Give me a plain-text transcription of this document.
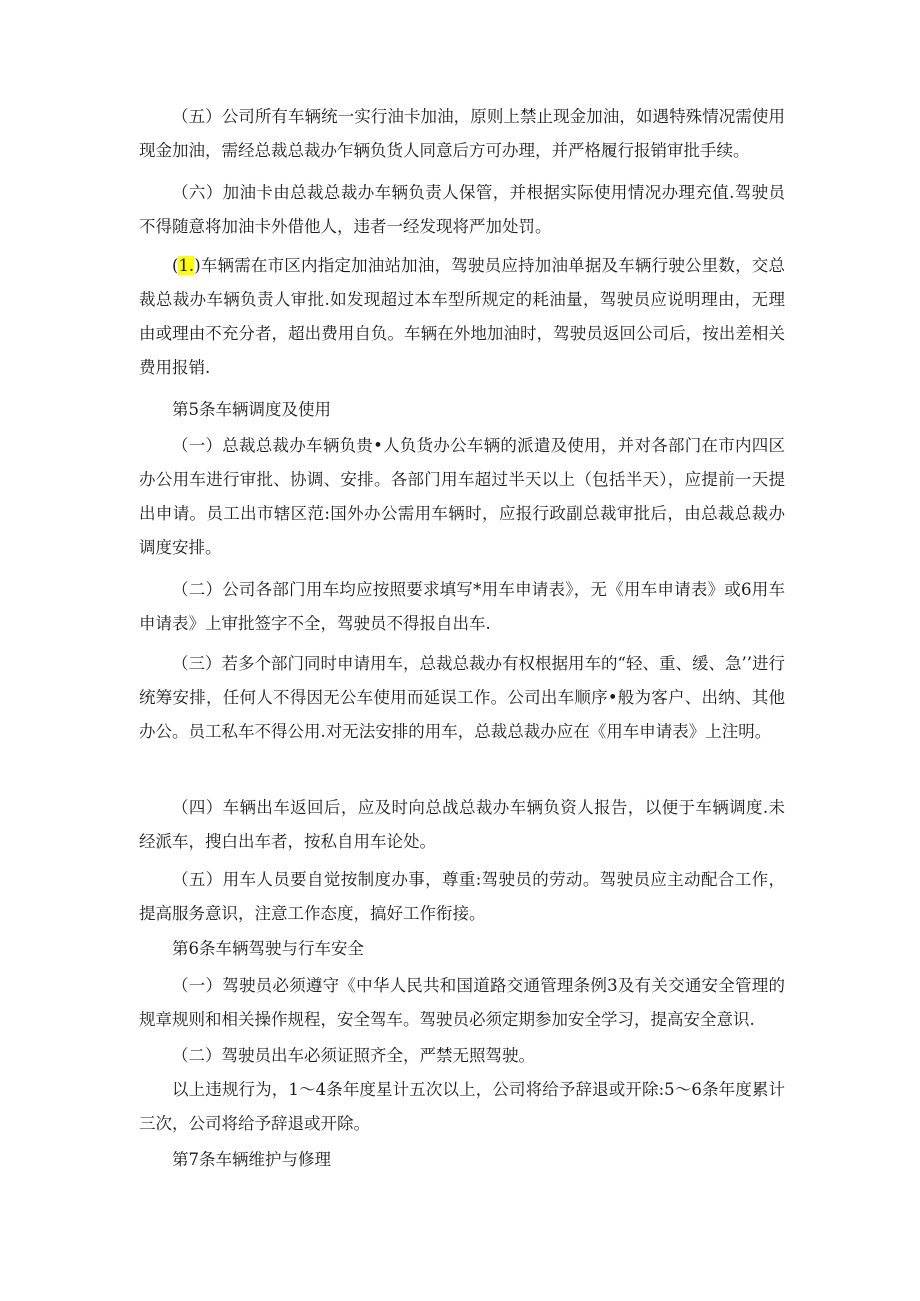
（五）公司所有车辆统一实行油卡加油，原则上禁止现金加油，如遇特殊情况需使用现金加油，需经总裁总裁办乍辆负货人同意后方可办理，并严格履行报销审批手续。

（六）加油卡由总裁总裁办车辆负责人保管，并根据实际使用情况办理充值.驾驶员不得随意将加油卡外借他人，违者一经发现将严加处罚。

(1.)车辆需在市区内指定加油站加油，驾驶员应持加油单据及车辆行驶公里数，交总裁总裁办车辆负责人审批.如发现超过本车型所规定的耗油量，驾驶员应说明理由，无理由或理由不充分者，超出费用自负。车辆在外地加油时，驾驶员返回公司后，按出差相关费用报销.

第5条车辆调度及使用

（一）总裁总裁办车辆负贵•人负货办公车辆的派遣及使用，并对各部门在市内四区办公用车进行审批、协调、安排。各部门用车超过半天以上（包括半天），应提前一天提出申请。员工出市辖区范:国外办公需用车辆时，应报行政副总裁审批后，由总裁总裁办调度安排。

（二）公司各部门用车均应按照要求填写*用车申请表》，无《用车申请表》或6用车申请表》上审批签字不全，驾驶员不得报自出车.

（三）若多个部门同时申请用车，总裁总裁办有权根据用车的“轻、重、缓、急’’进行统筹安排，任何人不得因无公车使用而延误工作。公司出车顺序•般为客户、出纳、其他办公。员工私车不得公用.对无法安排的用车，总裁总裁办应在《用车申请表》上注明。

（四）车辆出车返回后，应及时向总战总裁办车辆负资人报告，以便于车辆调度.未经派车，搜白出车者，按私自用车论处。

（五）用车人员要自觉按制度办事，尊重:驾驶员的劳动。驾驶员应主动配合工作，提高服务意识，注意工作态度，搞好工作衔接。

第6条车辆驾驶与行车安全

（一）驾驶员必须遵守《中华人民共和国道路交通管理条例3及有关交通安全管理的规章规则和相关操作规程，安全驾车。驾驶员必须定期参加安全学习，提高安全意识.

（二）驾驶员出车必须证照齐全，严禁无照驾驶。

以上违规行为，1〜4条年度星计五次以上，公司将给予辞退或开除:5〜6条年度累计三次，公司将给予辞退或开除。

第7条车辆维护与修理
